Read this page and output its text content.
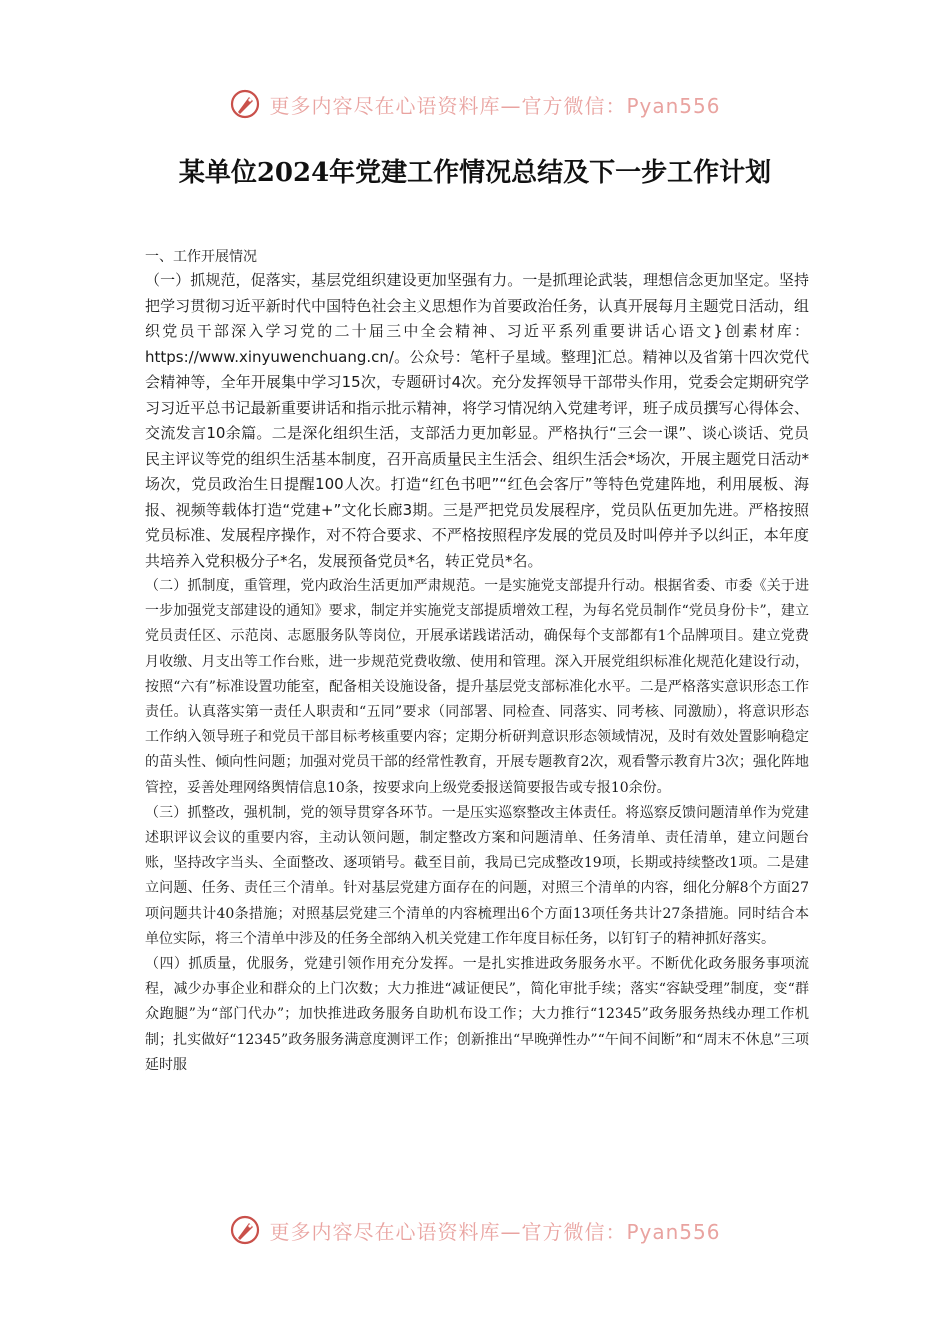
更多内容尽在心语资料库—官方微信：Pyan556
某单位2024年党建工作情况总结及下一步工作计划

一、工作开展情况

（一）抓规范，促落实，基层党组织建设更加坚强有力。一是抓理论武装，理想信念更加坚定。坚持把学习贯彻习近平新时代中国特色社会主义思想作为首要政治任务，认真开展每月主题党日活动，组织党员干部深入学习党的二十届三中全会精神、习近平系列重要讲话心语文}创素材库：https://www.xinyuwenchuang.cn/。公众号：笔杆子星域。整理]汇总。精神以及省第十四次党代会精神等，全年开展集中学习15次，专题研讨4次。充分发挥领导干部带头作用，党委会定期研究学习习近平总书记最新重要讲话和指示批示精神，将学习情况纳入党建考评，班子成员撰写心得体会、交流发言10余篇。二是深化组织生活，支部活力更加彰显。严格执行“三会一课”、谈心谈话、党员民主评议等党的组织生活基本制度，召开高质量民主生活会、组织生活会*场次，开展主题党日活动*场次，党员政治生日提醒100人次。打造“红色书吧”“红色会客厅”等特色党建阵地，利用展板、海报、视频等载体打造“党建+”文化长廊3期。三是严把党员发展程序，党员队伍更加先进。严格按照党员标准、发展程序操作，对不符合要求、不严格按照程序发展的党员及时叫停并予以纠正，本年度共培养入党积极分子*名，发展预备党员*名，转正党员*名。

（二）抓制度，重管理，党内政治生活更加严肃规范。一是实施党支部提升行动。根据省委、市委《关于进一步加强党支部建设的通知》要求，制定并实施党支部提质增效工程，为每名党员制作“党员身份卡”，建立党员责任区、示范岗、志愿服务队等岗位，开展承诺践诺活动，确保每个支部都有1个品牌项目。建立党费月收缴、月支出等工作台账，进一步规范党费收缴、使用和管理。深入开展党组织标准化规范化建设行动，按照“六有”标准设置功能室，配备相关设施设备，提升基层党支部标准化水平。二是严格落实意识形态工作责任。认真落实第一责任人职责和“五同”要求（同部署、同检查、同落实、同考核、同激励），将意识形态工作纳入领导班子和党员干部目标考核重要内容；定期分析研判意识形态领域情况，及时有效处置影响稳定的苗头性、倾向性问题；加强对党员干部的经常性教育，开展专题教育2次，观看警示教育片3次；强化阵地管控，妥善处理网络舆情信息10条，按要求向上级党委报送简要报告或专报10余份。

（三）抓整改，强机制，党的领导贯穿各环节。一是压实巡察整改主体责任。将巡察反馈问题清单作为党建述职评议会议的重要内容，主动认领问题，制定整改方案和问题清单、任务清单、责任清单，建立问题台账，坚持改字当头、全面整改、逐项销号。截至目前，我局已完成整改19项，长期或持续整改1项。二是建立问题、任务、责任三个清单。针对基层党建方面存在的问题，对照三个清单的内容，细化分解8个方面27项问题共计40条措施；对照基层党建三个清单的内容梳理出6个方面13项任务共计27条措施。同时结合本单位实际，将三个清单中涉及的任务全部纳入机关党建工作年度目标任务，以钉钉子的精神抓好落实。

（四）抓质量，优服务，党建引领作用充分发挥。一是扎实推进政务服务水平。不断优化政务服务事项流程，减少办事企业和群众的上门次数；大力推进“减证便民”，简化审批手续；落实“容缺受理”制度，变“群众跑腿”为“部门代办”；加快推进政务服务自助机布设工作；大力推行“12345”政务服务热线办理工作机制；扎实做好“12345”政务服务满意度测评工作；创新推出“早晚弹性办”“午间不间断”和“周末不休息”三项延时服

更多内容尽在心语资料库—官方微信：Pyan556
